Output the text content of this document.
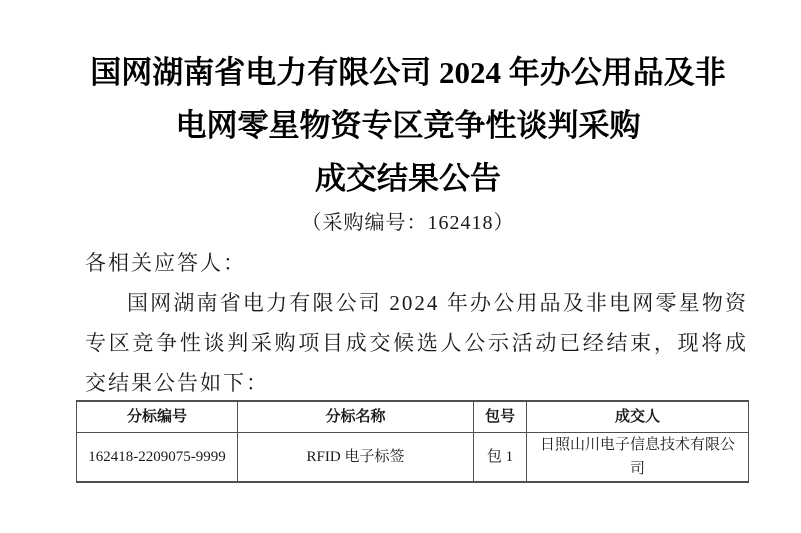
国网湖南省电力有限公司 2024 年办公用品及非
电网零星物资专区竞争性谈判采购
成交结果公告
（采购编号：162418）
各相关应答人：
国网湖南省电力有限公司 2024 年办公用品及非电网零星物资专区竞争性谈判采购项目成交候选人公示活动已经结束，现将成交结果公告如下：
分标编号	分标名称	包号	成交人
162418-2209075-9999	RFID 电子标签	包 1	日照山川电子信息技术有限公司
